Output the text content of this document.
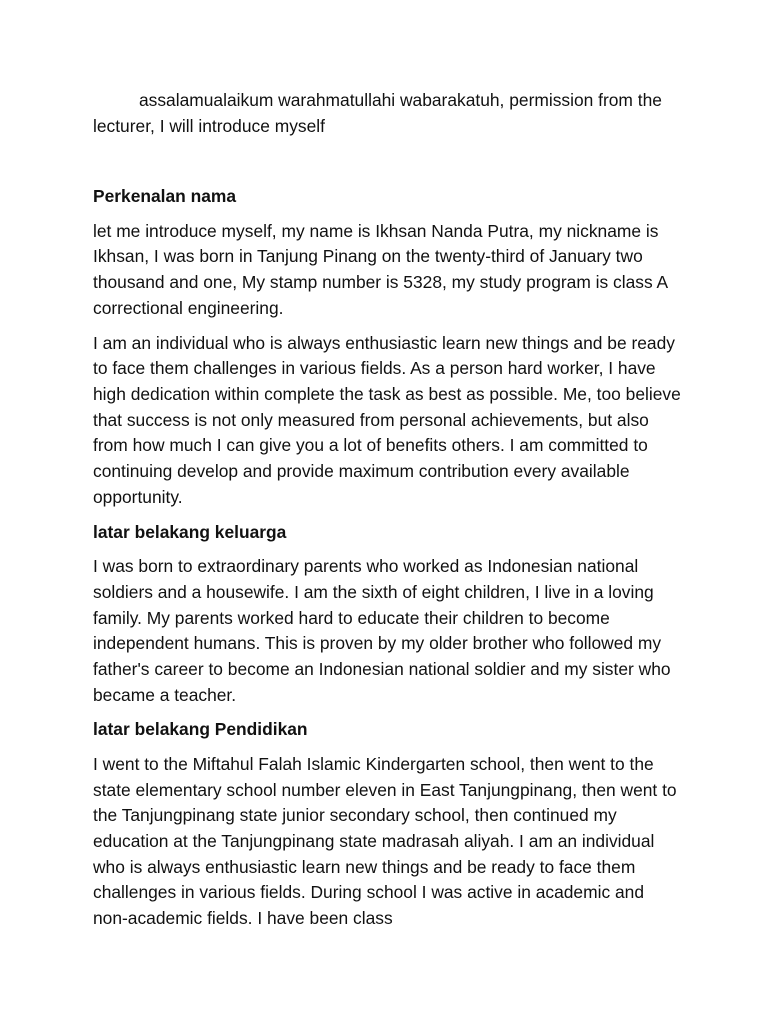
assalamualaikum warahmatullahi wabarakatuh, permission from the lecturer, I will introduce myself

Perkenalan nama

let me introduce myself, my name is Ikhsan Nanda Putra, my nickname is Ikhsan, I was born in Tanjung Pinang on the twenty-third of January two thousand and one, My stamp number is 5328, my study program is class A correctional engineering.

I am an individual who is always enthusiastic learn new things and be ready to face them challenges in various fields. As a person hard worker, I have high dedication within complete the task as best as possible. Me, too believe that success is not only measured from personal achievements, but also from how much I can give you a lot of benefits others. I am committed to continuing develop and provide maximum contribution every available opportunity.

latar belakang keluarga

I was born to extraordinary parents who worked as Indonesian national soldiers and a housewife. I am the sixth of eight children, I live in a loving family. My parents worked hard to educate their children to become independent humans. This is proven by my older brother who followed my father's career to become an Indonesian national soldier and my sister who became a teacher.

latar belakang Pendidikan

I went to the Miftahul Falah Islamic Kindergarten school, then went to the state elementary school number eleven in East Tanjungpinang, then went to the Tanjungpinang state junior secondary school, then continued my education at the Tanjungpinang state madrasah aliyah. I am an individual who is always enthusiastic learn new things and be ready to face them challenges in various fields. During school I was active in academic and non-academic fields. I have been class
